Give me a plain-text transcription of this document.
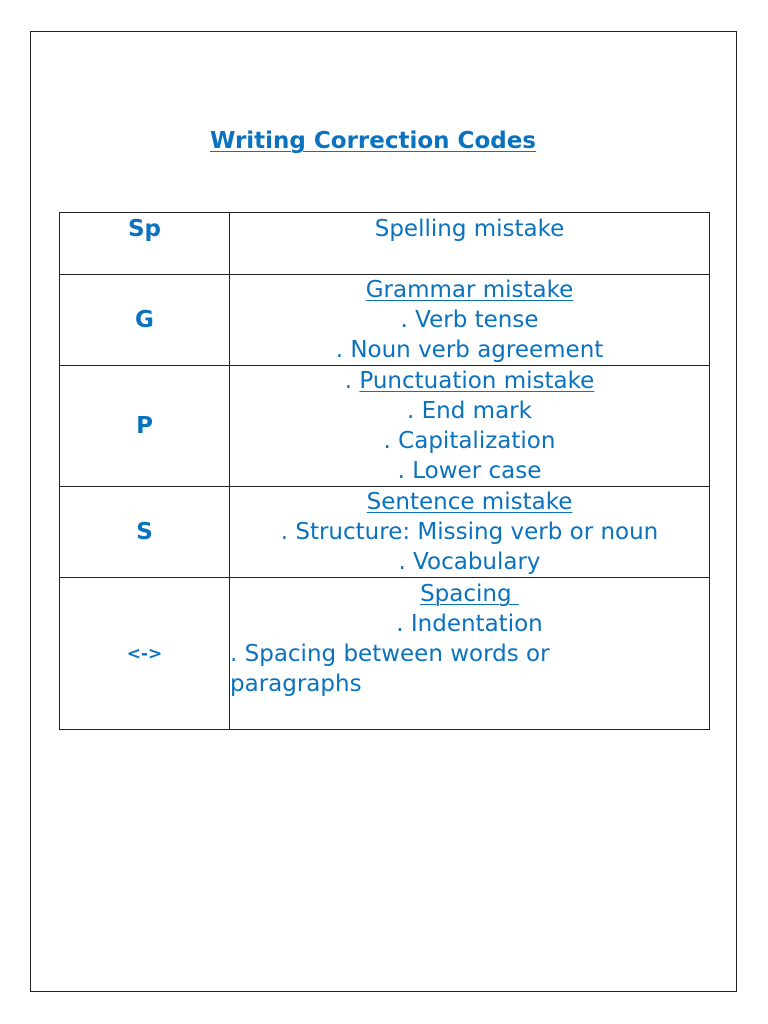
Writing Correction Codes
Sp	Spelling mistake

G	Grammar mistake
. Verb tense
. Noun verb agreement

P	. Punctuation mistake
. End mark
. Capitalization
. Lower case

S	Sentence mistake
. Structure: Missing verb or noun
. Vocabulary

<->	Spacing
. Indentation
. Spacing between words or
paragraphs
